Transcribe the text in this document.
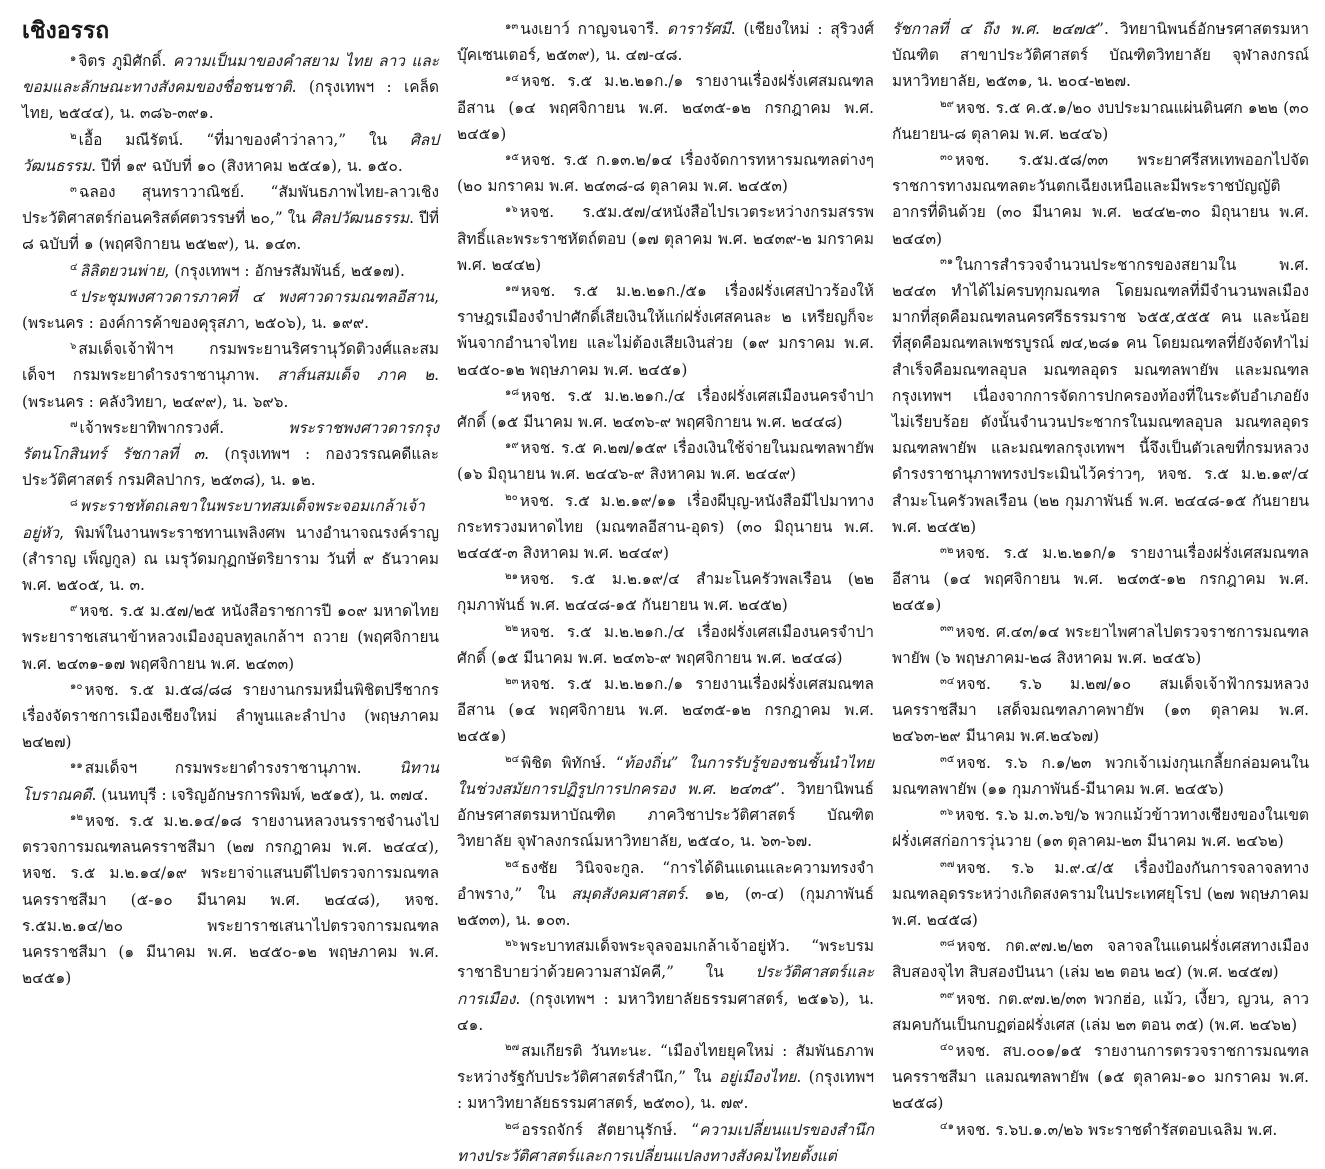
เชิงอรรถ

$^๑$ จิตร ภูมิศักดิ์. ความเป็นมาของคำสยาม ไทย ลาว และขอมและลักษณะทางสังคมของชื่อชนชาติ. (กรุงเทพฯ : เคล็ดไทย, ๒๕๔๔), น. ๓๘๖-๓๙๑.

$^๒$ เอื้อ มณีรัตน์. “ที่มาของคำว่าลาว,” ใน ศิลปวัฒนธรรม. ปีที่ ๑๙ ฉบับที่ ๑๐ (สิงหาคม ๒๕๔๑), น. ๑๕๐.

$^๓$ ฉลอง สุนทราวาณิชย์. “สัมพันธภาพไทย-ลาวเชิงประวัติศาสตร์ก่อนคริสต์ศตวรรษที่ ๒๐,” ใน ศิลปวัฒนธรรม. ปีที่ ๘ ฉบับที่ ๑ (พฤศจิกายน ๒๕๒๙), น. ๑๔๓.

$^๔$ ลิลิตยวนพ่าย, (กรุงเทพฯ : อักษรสัมพันธ์, ๒๕๑๗).

$^๕$ ประชุมพงศาวดารภาคที่ ๔ พงศาวดารมณฑลอีสาน, (พระนคร : องค์การค้าของคุรุสภา, ๒๕๐๖), น. ๑๙๙.

$^๖$ สมเด็จเจ้าฟ้าฯ กรมพระยานริศรานุวัดติวงศ์และสมเด็จฯ กรมพระยาดำรงราชานุภาพ. สาส์นสมเด็จ ภาค ๒. (พระนคร : คลังวิทยา, ๒๔๙๙), น. ๖๙๖.

$^๗$ เจ้าพระยาทิพากรวงศ์. พระราชพงศาวดารกรุงรัตนโกสินทร์ รัชกาลที่ ๓. (กรุงเทพฯ : กองวรรณคดีและประวัติศาสตร์ กรมศิลปากร, ๒๕๓๘), น. ๑๒.

$^๘$ พระราชหัตถเลขาในพระบาทสมเด็จพระจอมเกล้าเจ้าอยู่หัว, พิมพ์ในงานพระราชทานเพลิงศพ นางอำนาจณรงค์ราญ (สำราญ เพ็ญกูล) ณ เมรุวัดมกุฏกษัตริยาราม วันที่ ๙ ธันวาคม พ.ศ. ๒๕๐๕, น. ๓.

$^๙$ หจช. ร.๕ ม.๕๗/๒๕ หนังสือราชการปี ๑๐๙ มหาดไทย พระยาราชเสนาข้าหลวงเมืองอุบลทูลเกล้าฯ ถวาย (พฤศจิกายน พ.ศ. ๒๔๓๑-๑๗ พฤศจิกายน พ.ศ. ๒๔๓๓)

$^{๑๐}$ หจช. ร.๕ ม.๕๘/๘๘ รายงานกรมหมื่นพิชิตปรีชากร เรื่องจัดราชการเมืองเชียงใหม่ ลำพูนและลำปาง (พฤษภาคม ๒๔๒๗)

$^{๑๑}$ สมเด็จฯ กรมพระยาดำรงราชานุภาพ. นิทานโบราณคดี. (นนทบุรี : เจริญอักษรการพิมพ์, ๒๕๑๕), น. ๓๗๔.

$^{๑๒}$ หจช. ร.๕ ม.๒.๑๔/๑๘ รายงานหลวงนรราชจำนงไปตรวจการมณฑลนครราชสีมา (๒๗ กรกฎาคม พ.ศ. ๒๔๔๔), หจช. ร.๕ ม.๒.๑๔/๑๙ พระยาจ่าแสนบดีไปตรวจการมณฑลนครราชสีมา (๕-๑๐ มีนาคม พ.ศ. ๒๔๔๘), หจช. ร.๕ม.๒.๑๔/๒๐ พระยาราชเสนาไปตรวจการมณฑลนครราชสีมา (๑ มีนาคม พ.ศ. ๒๔๕๐-๑๒ พฤษภาคม พ.ศ. ๒๔๕๑)

$^{๑๓}$ นงเยาว์ กาญจนจารี. ดารารัศมี. (เชียงใหม่ : สุริวงศ์บุ๊คเซนเตอร์, ๒๕๓๙), น. ๔๗-๔๘.

$^{๑๔}$ หจช. ร.๕ ม.๒.๒๑ก./๑ รายงานเรื่องฝรั่งเศสมณฑลอีสาน (๑๔ พฤศจิกายน พ.ศ. ๒๔๓๕-๑๒ กรกฎาคม พ.ศ. ๒๔๕๑)

$^{๑๕}$ หจช. ร.๕ ก.๑๓.๒/๑๔ เรื่องจัดการทหารมณฑลต่างๆ (๒๐ มกราคม พ.ศ. ๒๔๓๘-๘ ตุลาคม พ.ศ. ๒๔๕๓)

$^{๑๖}$ หจช. ร.๕ม.๕๗/๔หนังสือไปรเวตระหว่างกรมสรรพสิทธิ์และพระราชหัตถ์ตอบ (๑๗ ตุลาคม พ.ศ. ๒๔๓๙-๒ มกราคม พ.ศ. ๒๔๔๒)

$^{๑๗}$ หจช. ร.๕ ม.๒.๒๑ก./๕๑ เรื่องฝรั่งเศสป่าวร้องให้ราษฎรเมืองจำปาศักดิ์เสียเงินให้แก่ฝรั่งเศสคนละ ๒ เหรียญก็จะพ้นจากอำนาจไทย และไม่ต้องเสียเงินส่วย (๑๙ มกราคม พ.ศ. ๒๔๕๐-๑๒ พฤษภาคม พ.ศ. ๒๔๕๑)

$^{๑๘}$ หจช. ร.๕ ม.๒.๒๑ก./๔ เรื่องฝรั่งเศสเมืองนครจำปาศักดิ์ (๑๕ มีนาคม พ.ศ. ๒๔๓๖-๙ พฤศจิกายน พ.ศ. ๒๔๔๘)

$^{๑๙}$ หจช. ร.๕ ค.๒๗/๑๕๙ เรื่องเงินใช้จ่ายในมณฑลพายัพ (๑๖ มิถุนายน พ.ศ. ๒๔๔๖-๙ สิงหาคม พ.ศ. ๒๔๔๙)

$^{๒๐}$ หจช. ร.๕ ม.๒.๑๙/๑๑ เรื่องผีบุญ-หนังสือมีไปมาทางกระทรวงมหาดไทย (มณฑลอีสาน-อุดร) (๓๐ มิถุนายน พ.ศ. ๒๔๔๕-๓ สิงหาคม พ.ศ. ๒๔๔๙)

$^{๒๑}$ หจช. ร.๕ ม.๒.๑๙/๔ สำมะโนครัวพลเรือน (๒๒ กุมภาพันธ์ พ.ศ. ๒๔๔๘-๑๕ กันยายน พ.ศ. ๒๔๕๒)

$^{๒๒}$ หจช. ร.๕ ม.๒.๒๑ก./๔ เรื่องฝรั่งเศสเมืองนครจำปาศักดิ์ (๑๕ มีนาคม พ.ศ. ๒๔๓๖-๙ พฤศจิกายน พ.ศ. ๒๔๔๘)

$^{๒๓}$ หจช. ร.๕ ม.๒.๒๑ก./๑ รายงานเรื่องฝรั่งเศสมณฑลอีสาน (๑๔ พฤศจิกายน พ.ศ. ๒๔๓๕-๑๒ กรกฎาคม พ.ศ. ๒๔๕๑)

$^{๒๔}$ พิชิต พิทักษ์. “ท้องถิ่น” ในการรับรู้ของชนชั้นนำไทยในช่วงสมัยการปฏิรูปการปกครอง พ.ศ. ๒๔๓๕”. วิทยานิพนธ์อักษรศาสตรมหาบัณฑิต ภาควิชาประวัติศาสตร์ บัณฑิตวิทยาลัย จุฬาลงกรณ์มหาวิทยาลัย, ๒๕๔๐, น. ๖๓-๖๗.

$^{๒๕}$ ธงชัย วินิจจะกูล. “การได้ดินแดนและความทรงจำอำพราง,” ใน สมุดสังคมศาสตร์. ๑๒, (๓-๔) (กุมภาพันธ์ ๒๕๓๓), น. ๑๐๓.

$^{๒๖}$ พระบาทสมเด็จพระจุลจอมเกล้าเจ้าอยู่หัว. “พระบรมราชาธิบายว่าด้วยความสามัคคี,” ใน ประวัติศาสตร์และการเมือง. (กรุงเทพฯ : มหาวิทยาลัยธรรมศาสตร์, ๒๕๑๖), น. ๔๑.

$^{๒๗}$ สมเกียรติ วันทะนะ. “เมืองไทยยุคใหม่ : สัมพันธภาพระหว่างรัฐกับประวัติศาสตร์สำนึก,” ใน อยู่เมืองไทย. (กรุงเทพฯ : มหาวิทยาลัยธรรมศาสตร์, ๒๕๓๐), น. ๗๙.

$^{๒๘}$ อรรถจักร์ สัตยานุรักษ์. “ความเปลี่ยนแปรของสำนึกทางประวัติศาสตร์และการเปลี่ยนแปลงทางสังคมไทยตั้งแต่

รัชกาลที่ ๔ ถึง พ.ศ. ๒๔๗๕”. วิทยานิพนธ์อักษรศาสตรมหาบัณฑิต สาขาประวัติศาสตร์ บัณฑิตวิทยาลัย จุฬาลงกรณ์มหาวิทยาลัย, ๒๕๓๑, น. ๒๐๔-๒๒๗.

$^{๒๙}$ หจช. ร.๕ ค.๕.๑/๒๐ งบประมาณแผ่นดินศก ๑๒๒ (๓๐ กันยายน-๘ ตุลาคม พ.ศ. ๒๔๔๖)

$^{๓๐}$ หจช. ร.๕ม.๕๘/๓๓ พระยาศรีสหเทพออกไปจัดราชการทางมณฑลตะวันตกเฉียงเหนือและมีพระราชบัญญัติอากรที่ดินด้วย (๓๐ มีนาคม พ.ศ. ๒๔๔๒-๓๐ มิถุนายน พ.ศ. ๒๔๔๓)

$^{๓๑}$ ในการสำรวจจำนวนประชากรของสยามใน พ.ศ. ๒๔๔๓ ทำได้ไม่ครบทุกมณฑล โดยมณฑลที่มีจำนวนพลเมืองมากที่สุดคือมณฑลนครศรีธรรมราช ๖๕๕,๕๕๕ คน และน้อยที่สุดคือมณฑลเพชรบูรณ์ ๗๔,๒๘๑ คน โดยมณฑลที่ยังจัดทำไม่สำเร็จคือมณฑลอุบล มณฑลอุดร มณฑลพายัพ และมณฑลกรุงเทพฯ เนื่องจากการจัดการปกครองท้องที่ในระดับอำเภอยังไม่เรียบร้อย ดังนั้นจำนวนประชากรในมณฑลอุบล มณฑลอุดร มณฑลพายัพ และมณฑลกรุงเทพฯ นี้จึงเป็นตัวเลขที่กรมหลวงดำรงราชานุภาพทรงประเมินไว้คร่าวๆ, หจช. ร.๕ ม.๒.๑๙/๔ สำมะโนครัวพลเรือน (๒๒ กุมภาพันธ์ พ.ศ. ๒๔๔๘-๑๕ กันยายน พ.ศ. ๒๔๕๒)

$^{๓๒}$ หจช. ร.๕ ม.๒.๒๑ก/๑ รายงานเรื่องฝรั่งเศสมณฑลอีสาน (๑๔ พฤศจิกายน พ.ศ. ๒๔๓๕-๑๒ กรกฎาคม พ.ศ. ๒๔๕๑)

$^{๓๓}$ หจช. ศ.๔๓/๑๔ พระยาไพศาลไปตรวจราชการมณฑลพายัพ (๖ พฤษภาคม-๒๘ สิงหาคม พ.ศ. ๒๔๕๖)

$^{๓๔}$ หจช. ร.๖ ม.๒๗/๑๐ สมเด็จเจ้าฟ้ากรมหลวงนครราชสีมา เสด็จมณฑลภาคพายัพ (๑๓ ตุลาคม พ.ศ. ๒๔๖๓-๒๙ มีนาคม พ.ศ.๒๔๖๗)

$^{๓๕}$ หจช. ร.๖ ก.๑/๒๓ พวกเจ้าเม่งกุนเกลี้ยกล่อมคนในมณฑลพายัพ (๑๑ กุมภาพันธ์-มีนาคม พ.ศ. ๒๔๕๖)

$^{๓๖}$ หจช. ร.๖ ม.๓.๖ข/๖ พวกแม้วข้าวทางเชียงของในเขตฝรั่งเศสก่อการวุ่นวาย (๑๓ ตุลาคม-๒๓ มีนาคม พ.ศ. ๒๔๖๒)

$^{๓๗}$ หจช. ร.๖ ม.๙.๔/๕ เรื่องป้องกันการจลาจลทางมณฑลอุดรระหว่างเกิดสงครามในประเทศยุโรป (๒๗ พฤษภาคม พ.ศ. ๒๔๕๘)

$^{๓๘}$ หจช. กต.๙๗.๒/๒๓ จลาจลในแดนฝรั่งเศสทางเมืองสิบสองจุไท สิบสองปันนา (เล่ม ๒๒ ตอน ๒๔) (พ.ศ. ๒๔๕๗)

$^{๓๙}$ หจช. กต.๙๗.๒/๓๓ พวกฮ่อ, แม้ว, เงี้ยว, ญวน, ลาว สมคบกันเป็นกบฏต่อฝรั่งเศส (เล่ม ๒๓ ตอน ๓๕) (พ.ศ. ๒๔๖๒)

$^{๔๐}$ หจช. สบ.๐๐๑/๑๕ รายงานการตรวจราชการมณฑลนครราชสีมา แลมณฑลพายัพ (๑๕ ตุลาคม-๑๐ มกราคม พ.ศ. ๒๔๕๘)

$^{๔๑}$ หจช. ร.๖บ.๑.๓/๒๖ พระราชดำรัสตอบเฉลิม พ.ศ.
